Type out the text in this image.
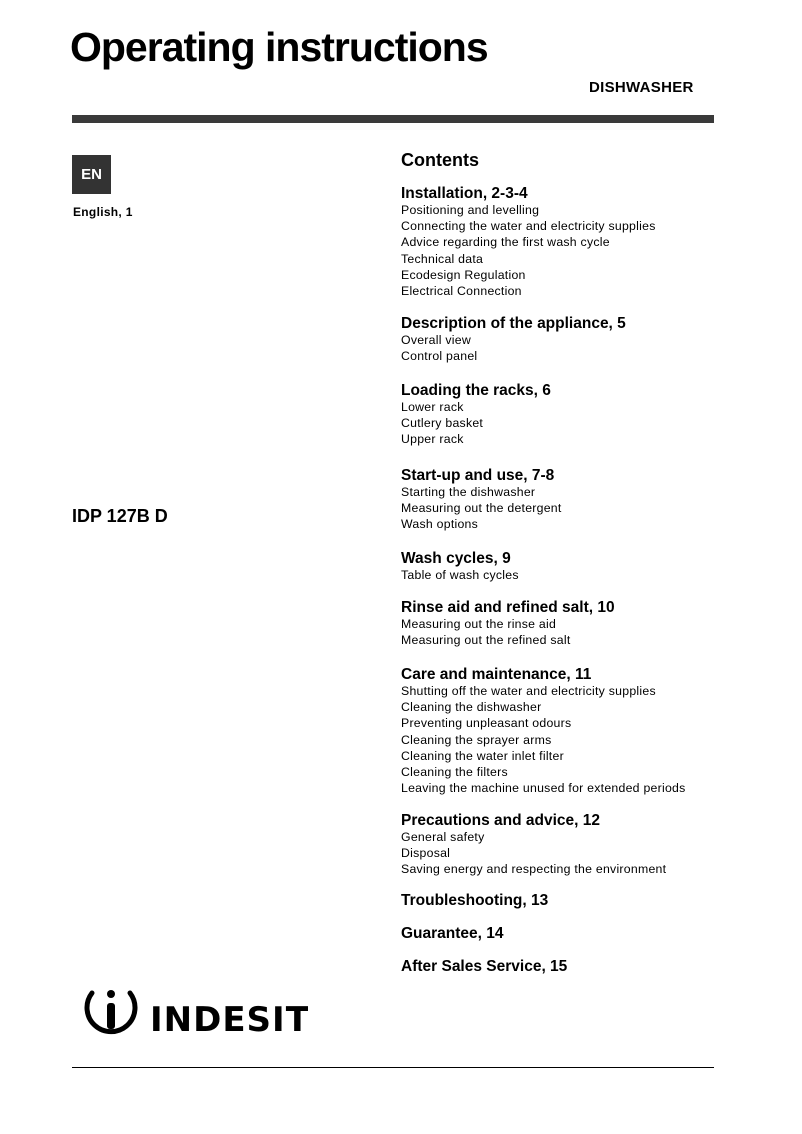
Operating instructions
DISHWASHER
EN
English, 1
IDP 127B D
Contents
Installation, 2-3-4
Positioning and levelling
Connecting the water and electricity supplies
Advice regarding the first wash cycle
Technical data
Ecodesign Regulation
Electrical Connection
Description of the appliance, 5
Overall view
Control panel
Loading the racks, 6
Lower rack
Cutlery basket
Upper rack
Start-up and use, 7-8
Starting the dishwasher
Measuring out the detergent
Wash options
Wash cycles, 9
Table of wash cycles
Rinse aid and refined salt, 10
Measuring out the rinse aid
Measuring out the refined salt
Care and maintenance, 11
Shutting off the water and electricity supplies
Cleaning the dishwasher
Preventing unpleasant odours
Cleaning the sprayer arms
Cleaning the water inlet filter
Cleaning the filters
Leaving the machine unused for extended periods
Precautions and advice, 12
General safety
Disposal
Saving energy and respecting the environment
Troubleshooting, 13
Guarantee, 14
After Sales Service, 15
INDESIT
